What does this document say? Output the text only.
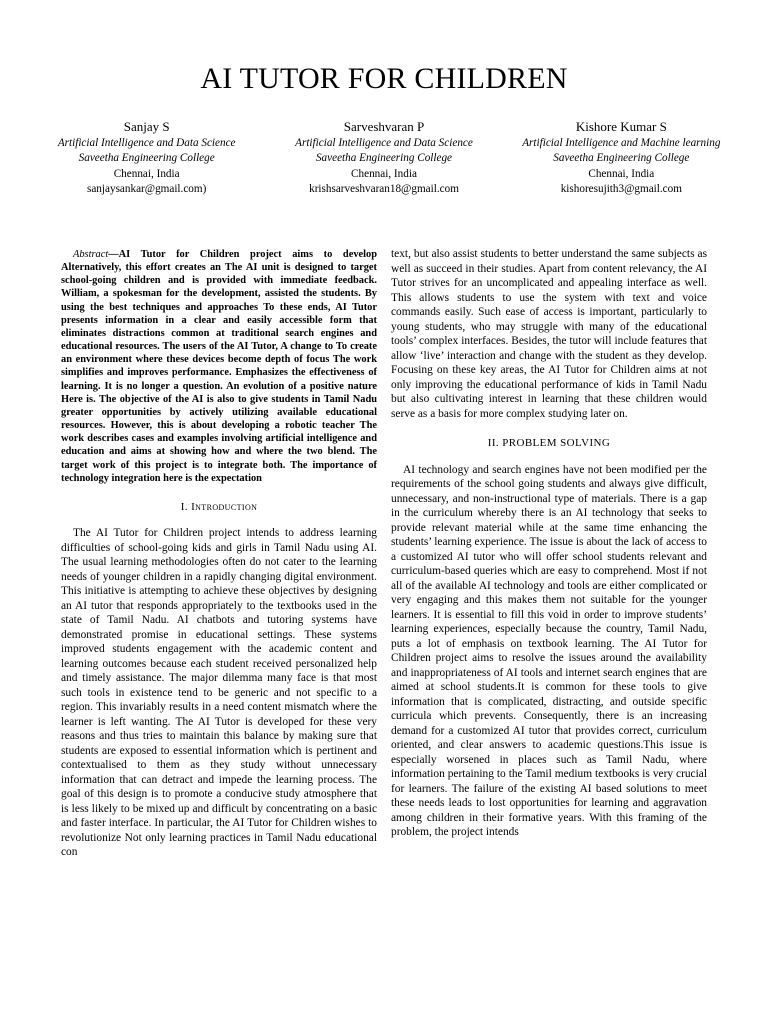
AI TUTOR FOR CHILDREN
Sanjay S
Artificial Intelligence and Data Science
Saveetha Engineering College
Chennai, India
sanjaysankar@gmail.com)
Sarveshvaran P
Artificial Intelligence and Data Science
Saveetha Engineering College
Chennai, India
krishsarveshvaran18@gmail.com
Kishore Kumar S
Artificial Intelligence and Machine learning
Saveetha Engineering College
Chennai, India
kishoresujith3@gmail.com

Abstract—AI Tutor for Children project aims to develop Alternatively, this effort creates an The AI unit is designed to target school-going children and is provided with immediate feedback. William, a spokesman for the development, assisted the students. By using the best techniques and approaches To these ends, AI Tutor presents information in a clear and easily accessible form that eliminates distractions common at traditional search engines and educational resources. The users of the AI Tutor, A change to To create an environment where these devices become depth of focus The work simplifies and improves performance. Emphasizes the effectiveness of learning. It is no longer a question. An evolution of a positive nature Here is. The objective of the AI is also to give students in Tamil Nadu greater opportunities by actively utilizing available educational resources. However, this is about developing a robotic teacher The work describes cases and examples involving artificial intelligence and education and aims at showing how and where the two blend. The target work of this project is to integrate both. The importance of technology integration here is the expectation

I. Introduction

The AI Tutor for Children project intends to address learning difficulties of school-going kids and girls in Tamil Nadu using AI. The usual learning methodologies often do not cater to the learning needs of younger children in a rapidly changing digital environment. This initiative is attempting to achieve these objectives by designing an AI tutor that responds appropriately to the textbooks used in the state of Tamil Nadu. AI chatbots and tutoring systems have demonstrated promise in educational settings. These systems improved students engagement with the academic content and learning outcomes because each student received personalized help and timely assistance. The major dilemma many face is that most such tools in existence tend to be generic and not specific to a region. This invariably results in a need content mismatch where the learner is left wanting. The AI Tutor is developed for these very reasons and thus tries to maintain this balance by making sure that students are exposed to essential information which is pertinent and contextualised to them as they study without unnecessary information that can detract and impede the learning process. The goal of this design is to promote a conducive study atmosphere that is less likely to be mixed up and difficult by concentrating on a basic and faster interface. In particular, the AI Tutor for Children wishes to revolutionize Not only learning practices in Tamil Nadu educational con

text, but also assist students to better understand the same subjects as well as succeed in their studies. Apart from content relevancy, the AI Tutor strives for an uncomplicated and appealing interface as well. This allows students to use the system with text and voice commands easily. Such ease of access is important, particularly to young students, who may struggle with many of the educational tools’ complex interfaces. Besides, the tutor will include features that allow ‘live’ interaction and change with the student as they develop. Focusing on these key areas, the AI Tutor for Children aims at not only improving the educational performance of kids in Tamil Nadu but also cultivating interest in learning that these children would serve as a basis for more complex studying later on.

II. PROBLEM SOLVING

AI technology and search engines have not been modified per the requirements of the school going students and always give difficult, unnecessary, and non-instructional type of materials. There is a gap in the curriculum whereby there is an AI technology that seeks to provide relevant material while at the same time enhancing the students’ learning experience. The issue is about the lack of access to a customized AI tutor who will offer school students relevant and curriculum-based queries which are easy to comprehend. Most if not all of the available AI technology and tools are either complicated or very engaging and this makes them not suitable for the younger learners. It is essential to fill this void in order to improve students’ learning experiences, especially because the country, Tamil Nadu, puts a lot of emphasis on textbook learning. The AI Tutor for Children project aims to resolve the issues around the availability and inappropriateness of AI tools and internet search engines that are aimed at school students.It is common for these tools to give information that is complicated, distracting, and outside specific curricula which prevents. Consequently, there is an increasing demand for a customized AI tutor that provides correct, curriculum oriented, and clear answers to academic questions.This issue is especially worsened in places such as Tamil Nadu, where information pertaining to the Tamil medium textbooks is very crucial for learners. The failure of the existing AI based solutions to meet these needs leads to lost opportunities for learning and aggravation among children in their formative years. With this framing of the problem, the project intends
